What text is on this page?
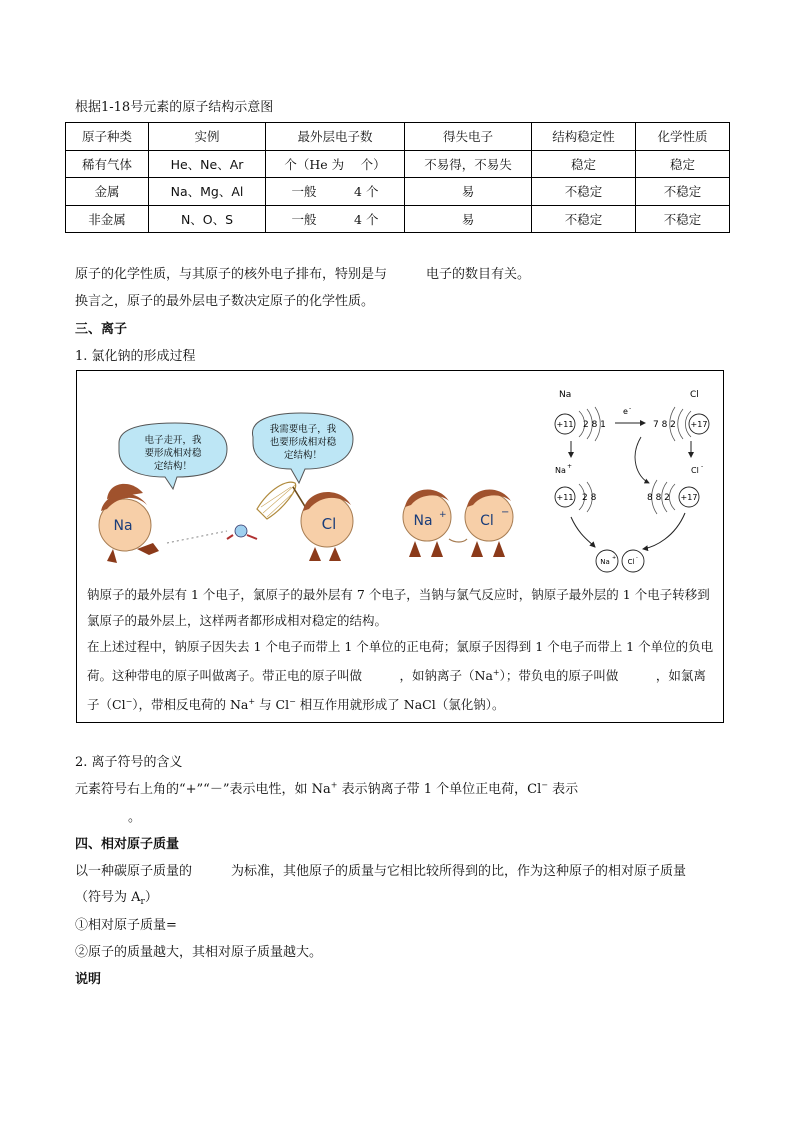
根据1-18号元素的原子结构示意图
原子种类	实例	最外层电子数	得失电子	结构稳定性	化学性质
稀有气体	He、Ne、Ar	个（He 为　 个）	不易得，不易失	稳定	稳定
金属	Na、Mg、Al	一般　　　4 个	易	不稳定	不稳定
非金属	N、O、S	一般　　　4 个	易	不稳定	不稳定
原子的化学性质，与其原子的核外电子排布，特别是与　　　电子的数目有关。
换言之，原子的最外层电子数决定原子的化学性质。
三、离子
1. 氯化钠的形成过程
电子走开，我
要形成相对稳
定结构！
我需要电子，我
也要形成相对稳
定结构！
Na	Cl	Na + Cl
−
Na	Cl
+11 2 8 1
e -
7 8 2 +17
Na +	Cl -
+11 2 8	8 8 2 +17
Na + Cl -
钠原子的最外层有 1 个电子，氯原子的最外层有 7 个电子，当钠与氯气反应时，钠原子最外层的 1 个电子转移到氯原子的最外层上，这样两者都形成相对稳定的结构。
在上述过程中，钠原子因失去 1 个电子而带上 1 个单位的正电荷；氯原子因得到 1 个电子而带上 1 个单位的负电荷。这种带电的原子叫做离子。带正电的原子叫做　　　，如钠离子（Na+）；带负电的原子叫做　　　，如氯离子（Cl−），带相反电荷的 Na+ 与 Cl− 相互作用就形成了 NaCl（氯化钠）。
2. 离子符号的含义
元素符号右上角的“+”“－”表示电性，如 Na+ 表示钠离子带 1 个单位正电荷，Cl− 表示
。
四、相对原子质量
以一种碳原子质量的　　　为标准，其他原子的质量与它相比较所得到的比，作为这种原子的相对原子质量
（符号为 $A_r$）
①相对原子质量=
②原子的质量越大，其相对原子质量越大。
说明
